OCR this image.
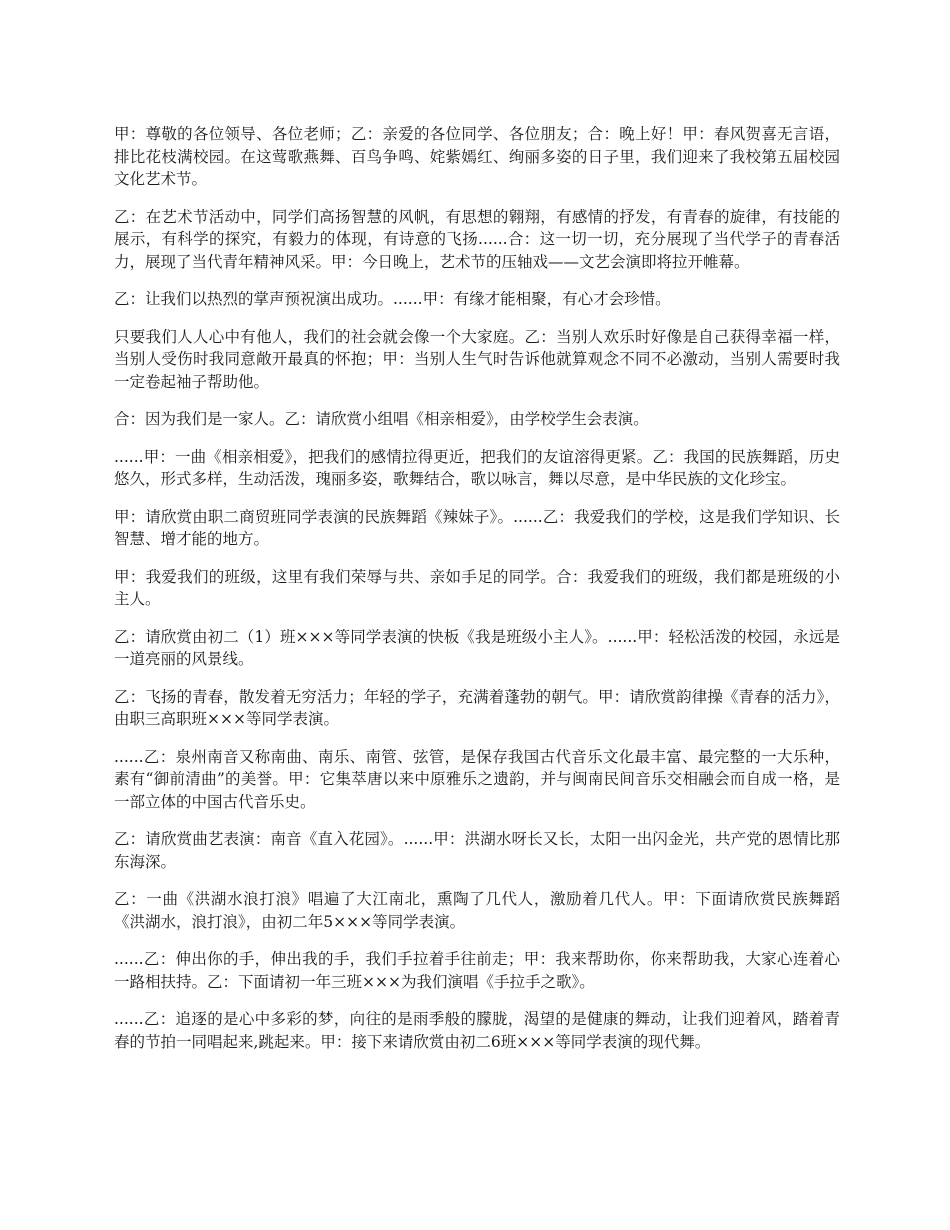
甲：尊敬的各位领导、各位老师；乙：亲爱的各位同学、各位朋友；合：晚上好！甲：春风贺喜无言语，排比花枝满校园。在这莺歌燕舞、百鸟争鸣、姹紫嫣红、绚丽多姿的日子里，我们迎来了我校第五届校园文化艺术节。

乙：在艺术节活动中，同学们高扬智慧的风帆，有思想的翱翔，有感情的抒发，有青春的旋律，有技能的展示，有科学的探究，有毅力的体现，有诗意的飞扬......合：这一切一切，充分展现了当代学子的青春活力，展现了当代青年精神风采。甲：今日晚上，艺术节的压轴戏——文艺会演即将拉开帷幕。

乙：让我们以热烈的掌声预祝演出成功。......甲：有缘才能相聚，有心才会珍惜。

只要我们人人心中有他人，我们的社会就会像一个大家庭。乙：当别人欢乐时好像是自己获得幸福一样，当别人受伤时我同意敞开最真的怀抱；甲：当别人生气时告诉他就算观念不同不必激动，当别人需要时我一定卷起袖子帮助他。

合：因为我们是一家人。乙：请欣赏小组唱《相亲相爱》，由学校学生会表演。

......甲：一曲《相亲相爱》，把我们的感情拉得更近，把我们的友谊溶得更紧。乙：我国的民族舞蹈，历史悠久，形式多样，生动活泼，瑰丽多姿，歌舞结合，歌以咏言，舞以尽意，是中华民族的文化珍宝。

甲：请欣赏由职二商贸班同学表演的民族舞蹈《辣妹子》。......乙：我爱我们的学校，这是我们学知识、长智慧、增才能的地方。

甲：我爱我们的班级，这里有我们荣辱与共、亲如手足的同学。合：我爱我们的班级，我们都是班级的小主人。

乙：请欣赏由初二（1）班×××等同学表演的快板《我是班级小主人》。......甲：轻松活泼的校园，永远是一道亮丽的风景线。

乙：飞扬的青春，散发着无穷活力；年轻的学子，充满着蓬勃的朝气。甲：请欣赏韵律操《青春的活力》，由职三高职班×××等同学表演。

......乙：泉州南音又称南曲、南乐、南管、弦管，是保存我国古代音乐文化最丰富、最完整的一大乐种，素有“御前清曲”的美誉。甲：它集萃唐以来中原雅乐之遗韵，并与闽南民间音乐交相融会而自成一格，是一部立体的中国古代音乐史。

乙：请欣赏曲艺表演：南音《直入花园》。......甲：洪湖水呀长又长，太阳一出闪金光，共产党的恩情比那东海深。

乙：一曲《洪湖水浪打浪》唱遍了大江南北，熏陶了几代人，激励着几代人。甲：下面请欣赏民族舞蹈《洪湖水，浪打浪》，由初二年5×××等同学表演。

......乙：伸出你的手，伸出我的手，我们手拉着手往前走；甲：我来帮助你，你来帮助我，大家心连着心一路相扶持。乙：下面请初一年三班×××为我们演唱《手拉手之歌》。

......乙：追逐的是心中多彩的梦，向往的是雨季般的朦胧，渴望的是健康的舞动，让我们迎着风，踏着青春的节拍一同唱起来,跳起来。甲：接下来请欣赏由初二6班×××等同学表演的现代舞。
